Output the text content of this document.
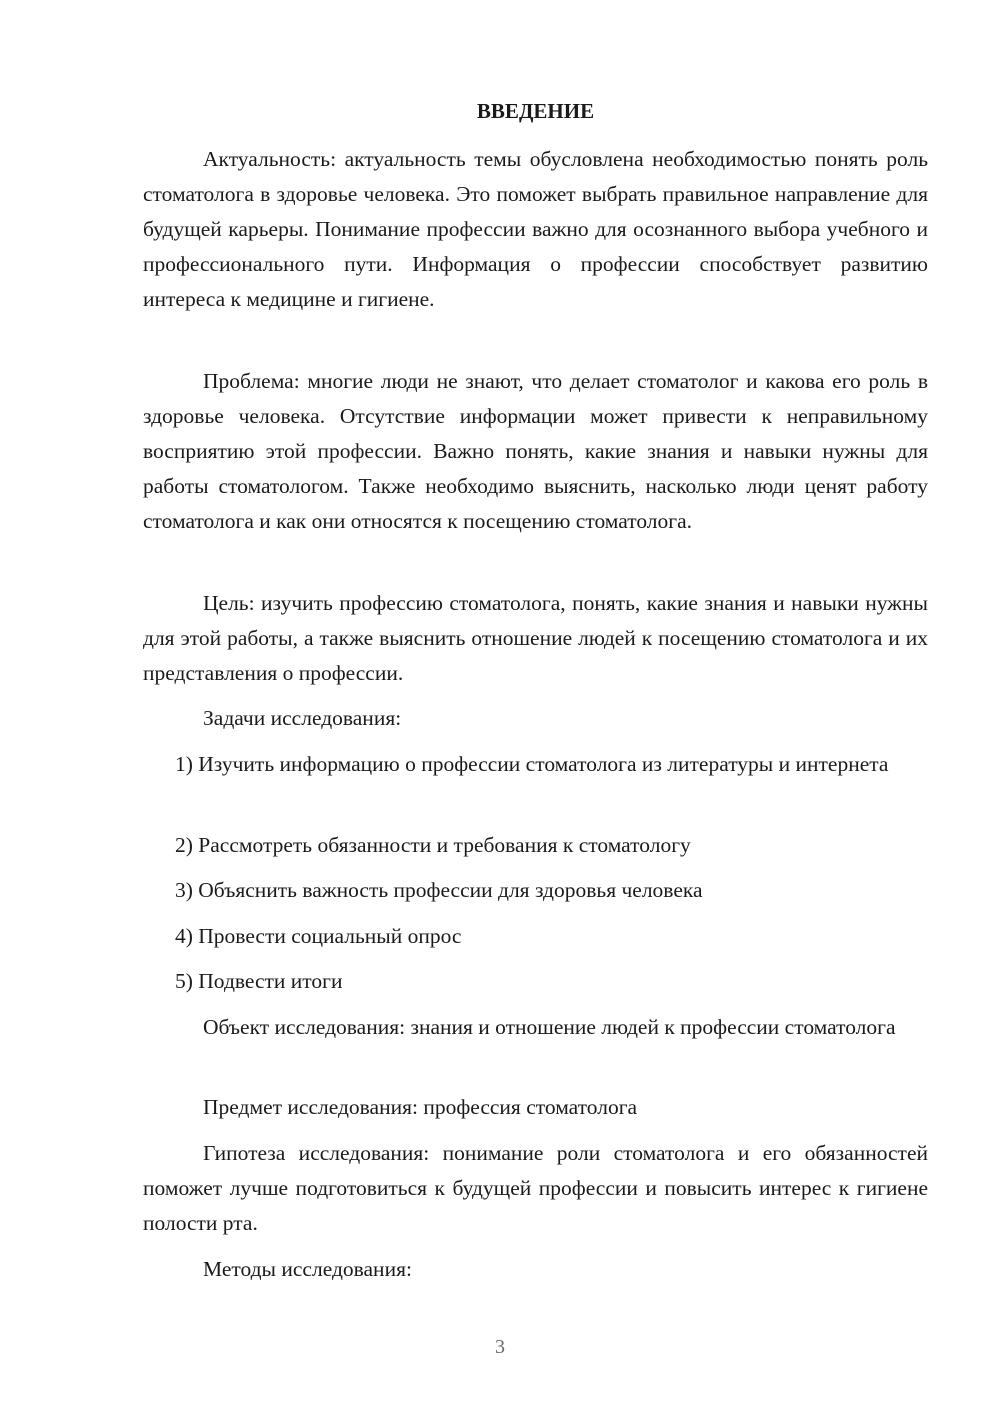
ВВЕДЕНИЕ

Актуальность: актуальность темы обусловлена необходимостью понять роль стоматолога в здоровье человека. Это поможет выбрать правильное направление для будущей карьеры. Понимание профессии важно для осознанного выбора учебного и профессионального пути. Информация о профессии способствует развитию интереса к медицине и гигиене.

Проблема: многие люди не знают, что делает стоматолог и какова его роль в здоровье человека. Отсутствие информации может привести к неправильному восприятию этой профессии. Важно понять, какие знания и навыки нужны для работы стоматологом. Также необходимо выяснить, насколько люди ценят работу стоматолога и как они относятся к посещению стоматолога.

Цель: изучить профессию стоматолога, понять, какие знания и навыки нужны для этой работы, а также выяснить отношение людей к посещению стоматолога и их представления о профессии.

Задачи исследования:

1) Изучить информацию о профессии стоматолога из литературы и интернета

2) Рассмотреть обязанности и требования к стоматологу

3) Объяснить важность профессии для здоровья человека

4) Провести социальный опрос

5) Подвести итоги

Объект исследования: знания и отношение людей к профессии стоматолога

Предмет исследования: профессия стоматолога

Гипотеза исследования: понимание роли стоматолога и его обязанностей поможет лучше подготовиться к будущей профессии и повысить интерес к гигиене полости рта.

Методы исследования:

3
